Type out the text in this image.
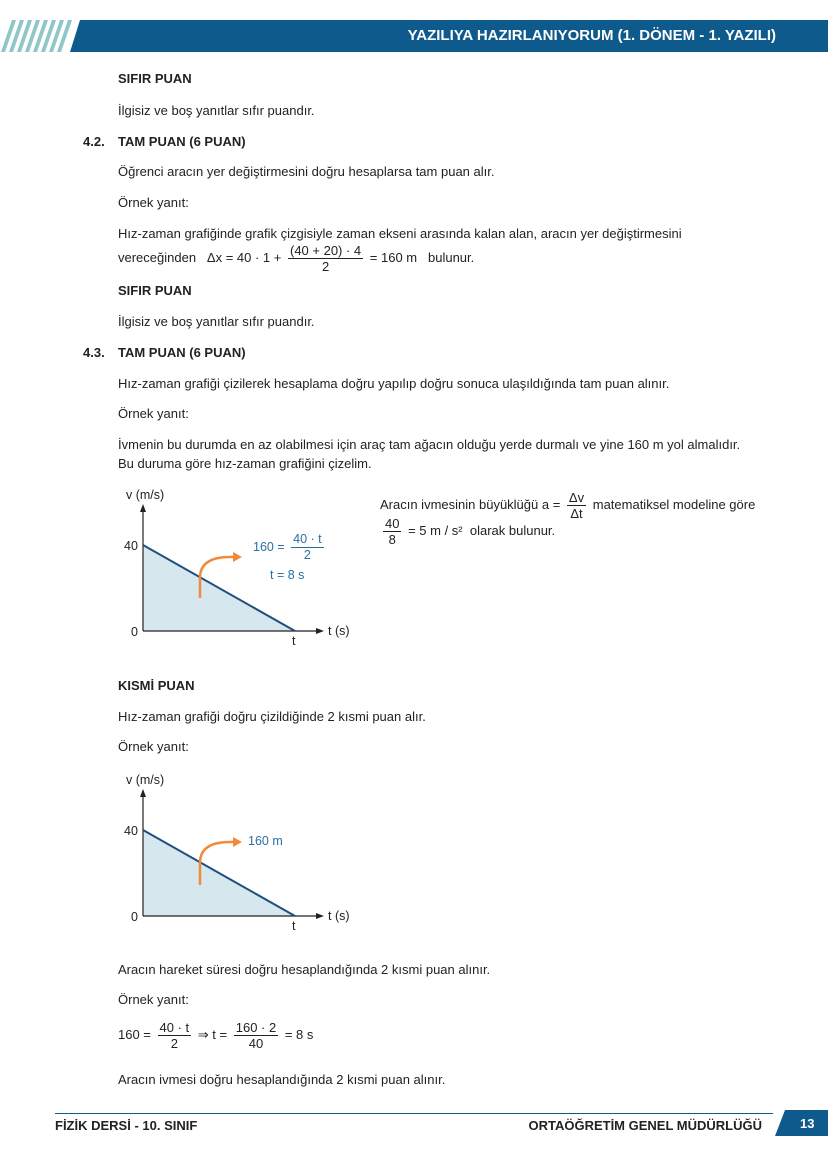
YAZILIYA HAZIRLANIYORUM (1. DÖNEM - 1. YAZILI)
SIFIR PUAN
İlgisiz ve boş yanıtlar sıfır puandır.
4.2. TAM PUAN (6 PUAN)
Öğrenci aracın yer değiştirmesini doğru hesaplarsa tam puan alır.
Örnek yanıt:
Hız-zaman grafiğinde grafik çizgisiyle zaman ekseni arasında kalan alan, aracın yer değiştirmesini
vereceğinden $\Delta x = 40 \cdot 1 + \frac{(40 + 20) \cdot 4}{2} = 160$ m bulunur.
SIFIR PUAN
İlgisiz ve boş yanıtlar sıfır puandır.
4.3. TAM PUAN (6 PUAN)
Hız-zaman grafiği çizilerek hesaplama doğru yapılıp doğru sonuca ulaşıldığında tam puan alınır.
Örnek yanıt:
İvmenin bu durumda en az olabilmesi için araç tam ağacın olduğu yerde durmalı ve yine 160 m yol almalıdır.
Bu duruma göre hız-zaman grafiğini çizelim.
v (m/s)
40
0
t
t (s)
$160 = \frac{40 \cdot t}{2}$
t = 8 s
Aracın ivmesinin büyüklüğü $a = \frac{\Delta v}{\Delta t}$ matematiksel modeline göre
$\frac{40}{8} = 5$ m / s² olarak bulunur.
KISMİ PUAN
Hız-zaman grafiği doğru çizildiğinde 2 kısmi puan alır.
Örnek yanıt:
v (m/s)
40
0
t
t (s)
160 m
Aracın hareket süresi doğru hesaplandığında 2 kısmi puan alınır.
Örnek yanıt:
$160 = \frac{40 \cdot t}{2}$ ⇒ $t = \frac{160 \cdot 2}{40} = 8$ s
Aracın ivmesi doğru hesaplandığında 2 kısmi puan alınır.
FİZİK DERSİ - 10. SINIF	ORTAÖĞRETİM GENEL MÜDÜRLÜĞÜ	13
